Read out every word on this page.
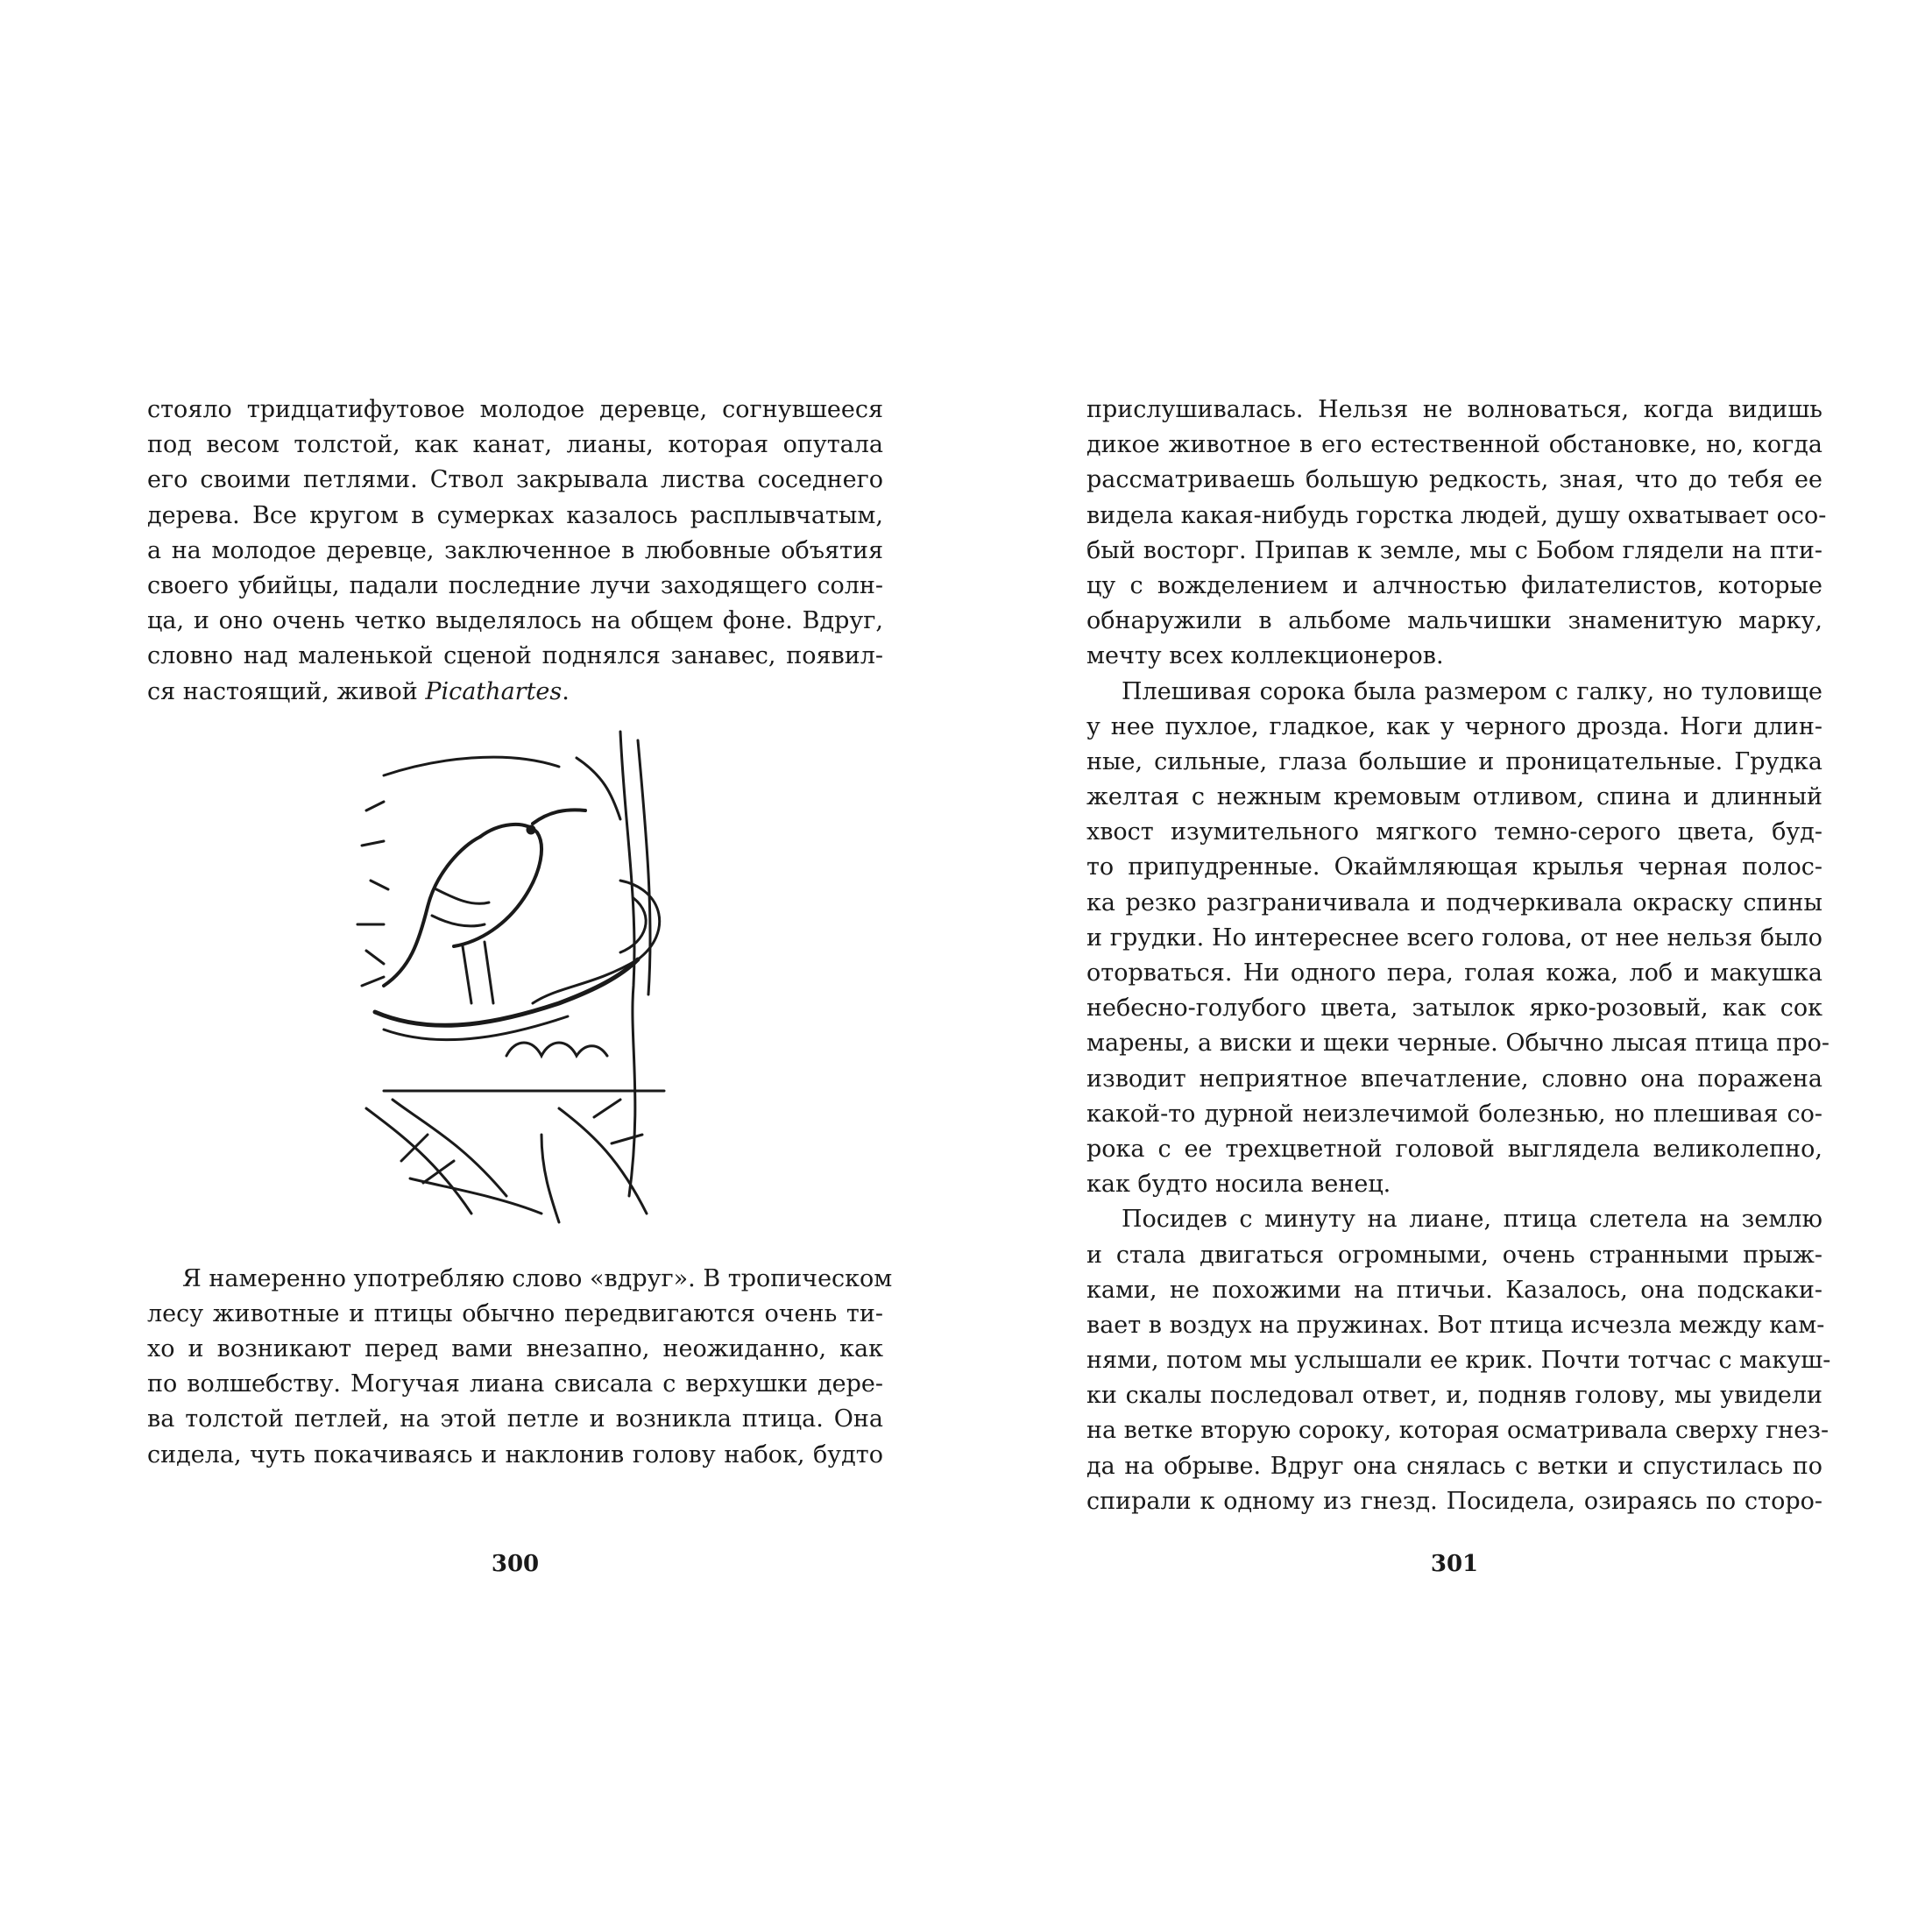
стояло тридцатифутовое молодое деревце, согнувшееся
под весом толстой, как канат, лианы, которая опутала
его своими петлями. Ствол закрывала листва соседнего
дерева. Все кругом в сумерках казалось расплывчатым,
а на молодое деревце, заключенное в любовные объятия
своего убийцы, падали последние лучи заходящего солн-
ца, и оно очень четко выделялось на общем фоне. Вдруг,
словно над маленькой сценой поднялся занавес, появил-
ся настоящий, живой Picathartes.
Я намеренно употребляю слово «вдруг». В тропическом
лесу животные и птицы обычно передвигаются очень ти-
хо и возникают перед вами внезапно, неожиданно, как
по волшебству. Могучая лиана свисала с верхушки дере-
ва толстой петлей, на этой петле и возникла птица. Она
сидела, чуть покачиваясь и наклонив голову набок, будто
300
прислушивалась. Нельзя не волноваться, когда видишь
дикое животное в его естественной обстановке, но, когда
рассматриваешь большую редкость, зная, что до тебя ее
видела какая-нибудь горстка людей, душу охватывает осо-
бый восторг. Припав к земле, мы с Бобом глядели на пти-
цу с вожделением и алчностью филателистов, которые
обнаружили в альбоме мальчишки знаменитую марку,
мечту всех коллекционеров.
Плешивая сорока была размером с галку, но туловище
у нее пухлое, гладкое, как у черного дрозда. Ноги длин-
ные, сильные, глаза большие и проницательные. Грудка
желтая с нежным кремовым отливом, спина и длинный
хвост изумительного мягкого темно-серого цвета, буд-
то припудренные. Окаймляющая крылья черная полос-
ка резко разграничивала и подчеркивала окраску спины
и грудки. Но интереснее всего голова, от нее нельзя было
оторваться. Ни одного пера, голая кожа, лоб и макушка
небесно-голубого цвета, затылок ярко-розовый, как сок
марены, а виски и щеки черные. Обычно лысая птица про-
изводит неприятное впечатление, словно она поражена
какой-то дурной неизлечимой болезнью, но плешивая со-
рока с ее трехцветной головой выглядела великолепно,
как будто носила венец.
Посидев с минуту на лиане, птица слетела на землю
и стала двигаться огромными, очень странными прыж-
ками, не похожими на птичьи. Казалось, она подскаки-
вает в воздух на пружинах. Вот птица исчезла между кам-
нями, потом мы услышали ее крик. Почти тотчас с макуш-
ки скалы последовал ответ, и, подняв голову, мы увидели
на ветке вторую сороку, которая осматривала сверху гнез-
да на обрыве. Вдруг она снялась с ветки и спустилась по
спирали к одному из гнезд. Посидела, озираясь по сторо-
301
